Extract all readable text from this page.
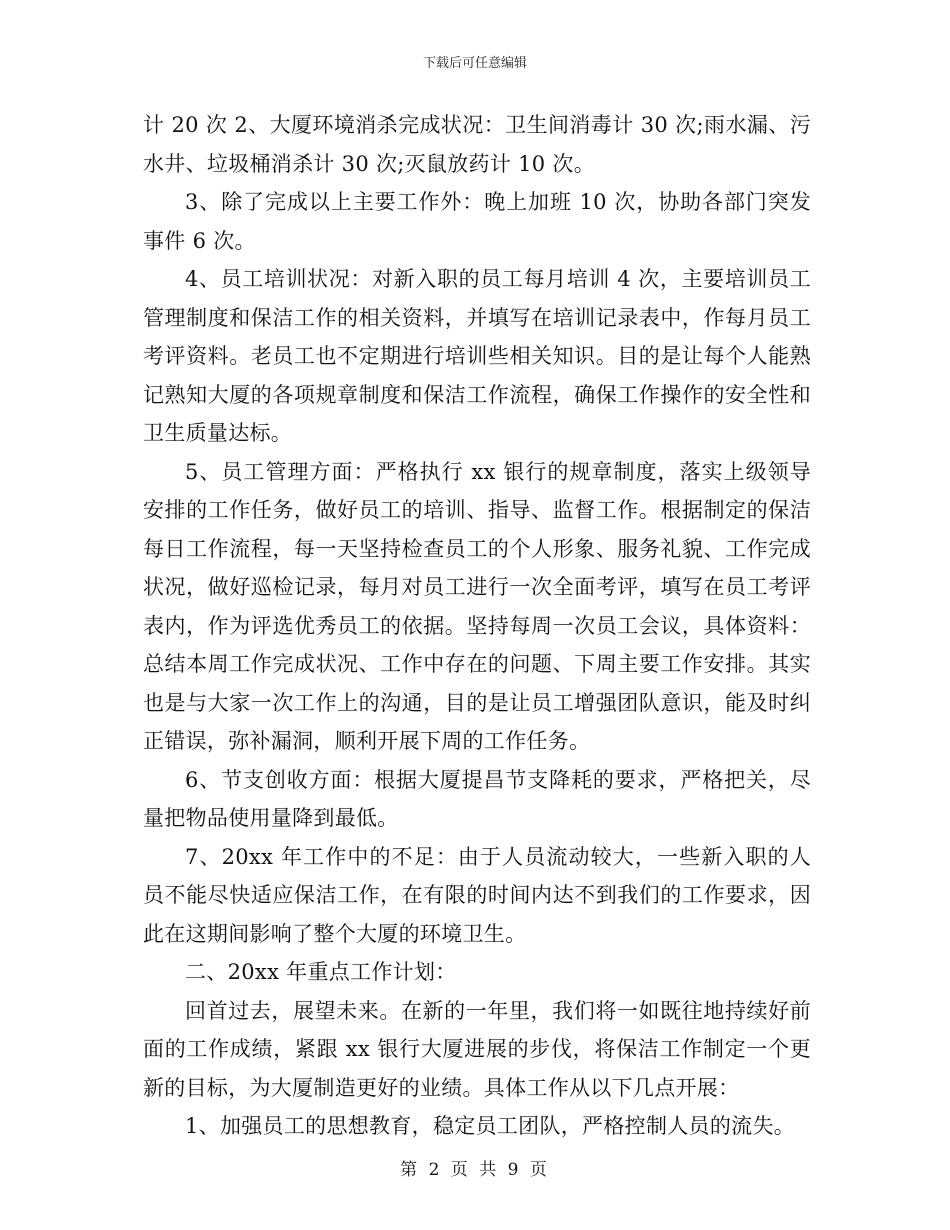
下载后可任意编辑

计 20 次 2、大厦环境消杀完成状况：卫生间消毒计 30 次;雨水漏、污水井、垃圾桶消杀计 30 次;灭鼠放药计 10 次。

3、除了完成以上主要工作外：晚上加班 10 次，协助各部门突发事件 6 次。

4、员工培训状况：对新入职的员工每月培训 4 次，主要培训员工管理制度和保洁工作的相关资料，并填写在培训记录表中，作每月员工考评资料。老员工也不定期进行培训些相关知识。目的是让每个人能熟记熟知大厦的各项规章制度和保洁工作流程，确保工作操作的安全性和卫生质量达标。

5、员工管理方面：严格执行 xx 银行的规章制度，落实上级领导安排的工作任务，做好员工的培训、指导、监督工作。根据制定的保洁每日工作流程，每一天坚持检查员工的个人形象、服务礼貌、工作完成状况，做好巡检记录，每月对员工进行一次全面考评，填写在员工考评表内，作为评选优秀员工的依据。坚持每周一次员工会议，具体资料：总结本周工作完成状况、工作中存在的问题、下周主要工作安排。其实也是与大家一次工作上的沟通，目的是让员工增强团队意识，能及时纠正错误，弥补漏洞，顺利开展下周的工作任务。

6、节支创收方面：根据大厦提昌节支降耗的要求，严格把关，尽量把物品使用量降到最低。

7、20xx 年工作中的不足：由于人员流动较大，一些新入职的人员不能尽快适应保洁工作，在有限的时间内达不到我们的工作要求，因此在这期间影响了整个大厦的环境卫生。

二、20xx 年重点工作计划：

回首过去，展望未来。在新的一年里，我们将一如既往地持续好前面的工作成绩，紧跟 xx 银行大厦进展的步伐，将保洁工作制定一个更新的目标，为大厦制造更好的业绩。具体工作从以下几点开展：

1、加强员工的思想教育，稳定员工团队，严格控制人员的流失。

第 2 页 共 9 页
